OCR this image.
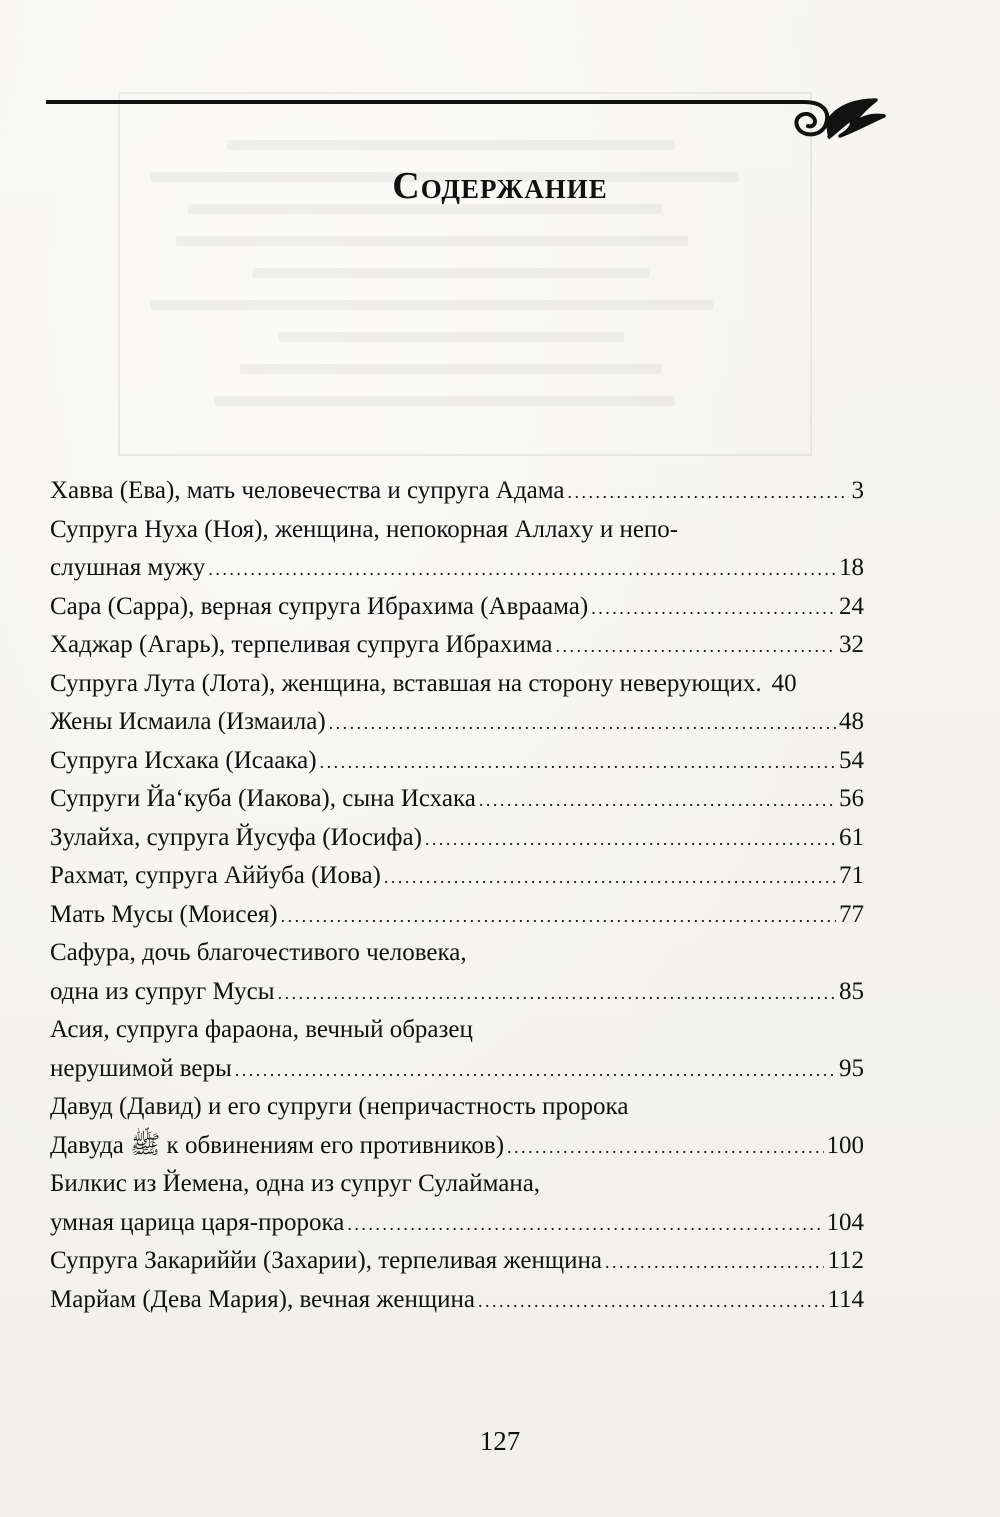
Содержание
Хавва (Ева), мать человечества и супруга Адама . . .	3
Супруга Нуха (Ноя), женщина, непокорная Аллаxу и непо-
слушная мужу . . .	18
Сара (Сарра), верная супруга Ибрахима (Авраама) . . .	24
Хаджар (Агарь), терпеливая супруга Ибрахима . . .	32
Супруга Лута (Лота), женщина, вставшая на сторону неверующих. 40
Жены Исмаила (Измаила) . . .	48
Супруга Исхака (Исаака) . . .	54
Супруги Йа‘куба (Иакова), сына Исхака . . .	56
Зулайха, супруга Йусуфа (Иосифа) . . .	61
Рахмат, супруга Аййуба (Иова) . . .	71
Мать Мусы (Моисея) . . .	77
Сафура, дочь благочестивого человека,
одна из супруг Мусы . . .	85
Асия, супруга фараона, вечный образец
нерушимой веры . . .	95
Давуд (Давид) и его супруги (непричастность пророка
Давуда ﷺ к обвинениям его противников) . . .	100
Билкис из Йемена, одна из супруг Сулаймана,
умная царица царя-пророка . . .	104
Супруга Закариййи (Захарии), терпеливая женщина . . .	112
Марйам (Дева Мария), вечная женщина . . .	114
127
